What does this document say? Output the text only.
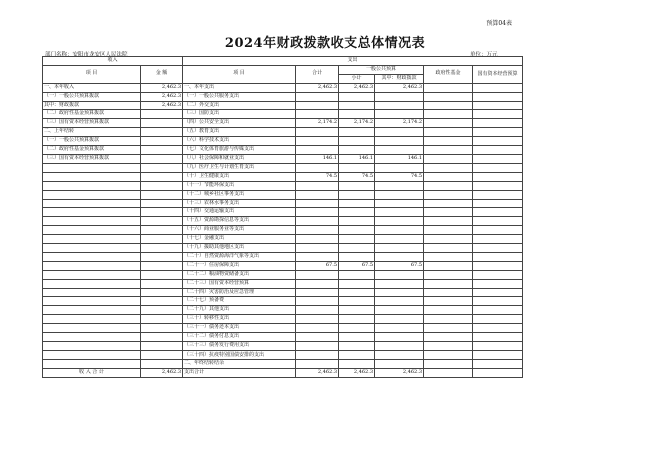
预算04表
2024年财政拨款收支总体情况表
部门名称：安阳市龙安区人民法院	单位：万元
收入		支出					
项 目	金 额	项 目	合计	一般公共预算		政府性基金	国有资本经营预算
				小计	其中：财政拨款		
一、本年收入	2,462.3	一、本年支出	2,462.3	2,462.3	2,462.3		
（一）一般公共预算拨款	2,462.3	（一）一般公共服务支出					
其中：财政拨款	2,462.3	（二）外交支出					
（二）政府性基金预算拨款		（三）国防支出					
（三）国有资本经营预算拨款		（四）公共安全支出	2,174.2	2,174.2	2,174.2		
二、上年结转		（五）教育支出					
（一）一般公共预算拨款		（六）科学技术支出					
（二）政府性基金预算拨款		（七）文化体育旅游与传媒支出					
（三）国有资本经营预算拨款		（八）社会保障和就业支出	146.1	146.1	146.1		
		（九）医疗卫生与计划生育支出					
		（十）卫生健康支出	74.5	74.5	74.5		
		（十一）节能环保支出					
		（十二）城乡社区事务支出					
		（十三）农林水事务支出					
		（十四）交通运输支出					
		（十五）资源勘探信息等支出					
		（十六）商业服务业等支出					
		（十七）金融支出					
		（十九）援助其他地区支出					
		（二十）自然资源海洋气象等支出					
		（二十一）住房保障支出	67.5	67.5	67.5		
		（二十二）粮油物资储备支出					
		（二十三）国有资本经营预算					
		（二十四）灾害防治及应急管理					
		（二十七）预备费					
		（二十九）其他支出					
		（三十）转移性支出					
		（三十一）债务还本支出					
		（三十二）债务付息支出					
		（三十三）债务发行费用支出					
		（三十四）抗疫特别国债安排的支出					
		二、年终结转结余					
收 入 合 计	2,462.3	支出合计	2,462.3	2,462.3	2,462.3		
